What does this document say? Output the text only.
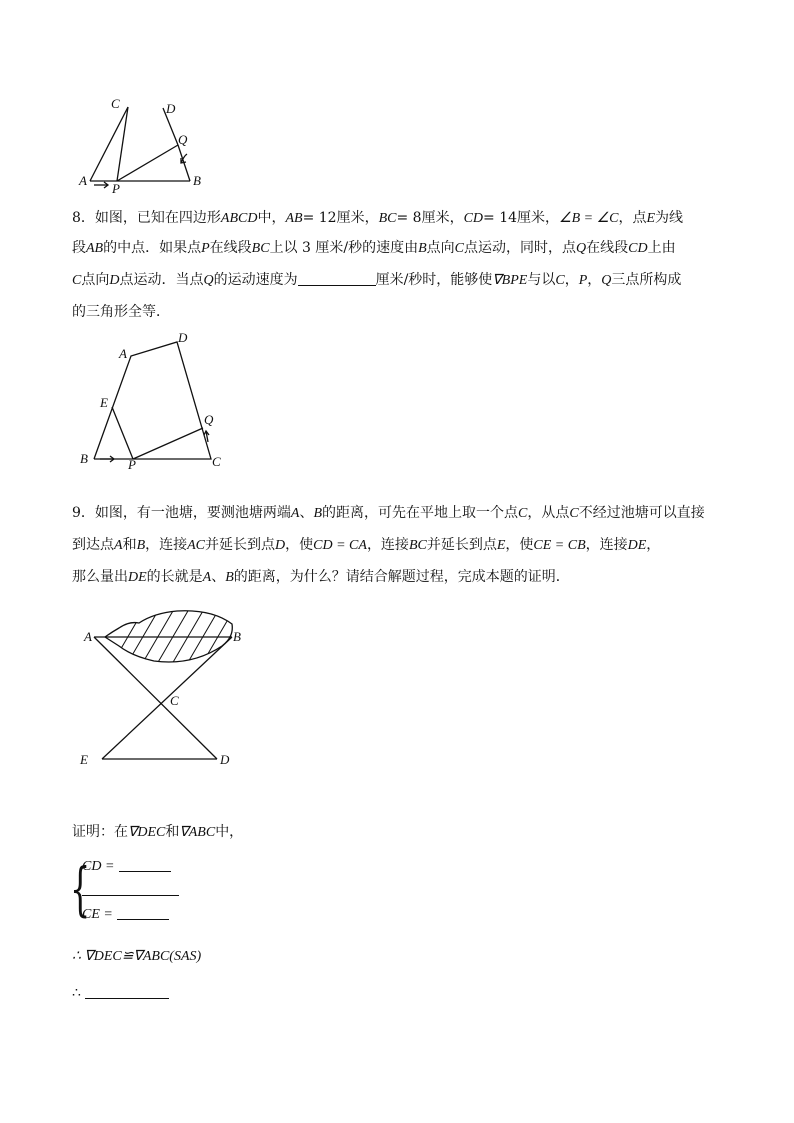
C	D
Q
A
P
B
8．如图，已知在四边形ABCD中，AB= 12厘米，BC= 8厘米，CD= 14厘米，∠B = ∠C，点E为线
段AB的中点．如果点P在线段BC上以 3 厘米/秒的速度由B点向C点运动，同时，点Q在线段CD上由
C点向D点运动．当点Q的运动速度为	厘米/秒时，能够使∇BPE与以C，P，Q三点所构成
的三角形全等．
A
D
E
Q
B	P	C
9．如图，有一池塘，要测池塘两端A、B的距离，可先在平地上取一个点C，从点C不经过池塘可以直接
到达点A和B，连接AC并延长到点D，使CD = CA，连接BC并延长到点E，使CE = CB，连接DE，
那么量出DE的长就是A、B的距离，为什么？请结合解题过程，完成本题的证明．
A	B
C
E	D
证明：在∇DEC和∇ABC中，
{
CD =
CE =
∴ ∇DEC≌∇ABC(SAS)
∴
